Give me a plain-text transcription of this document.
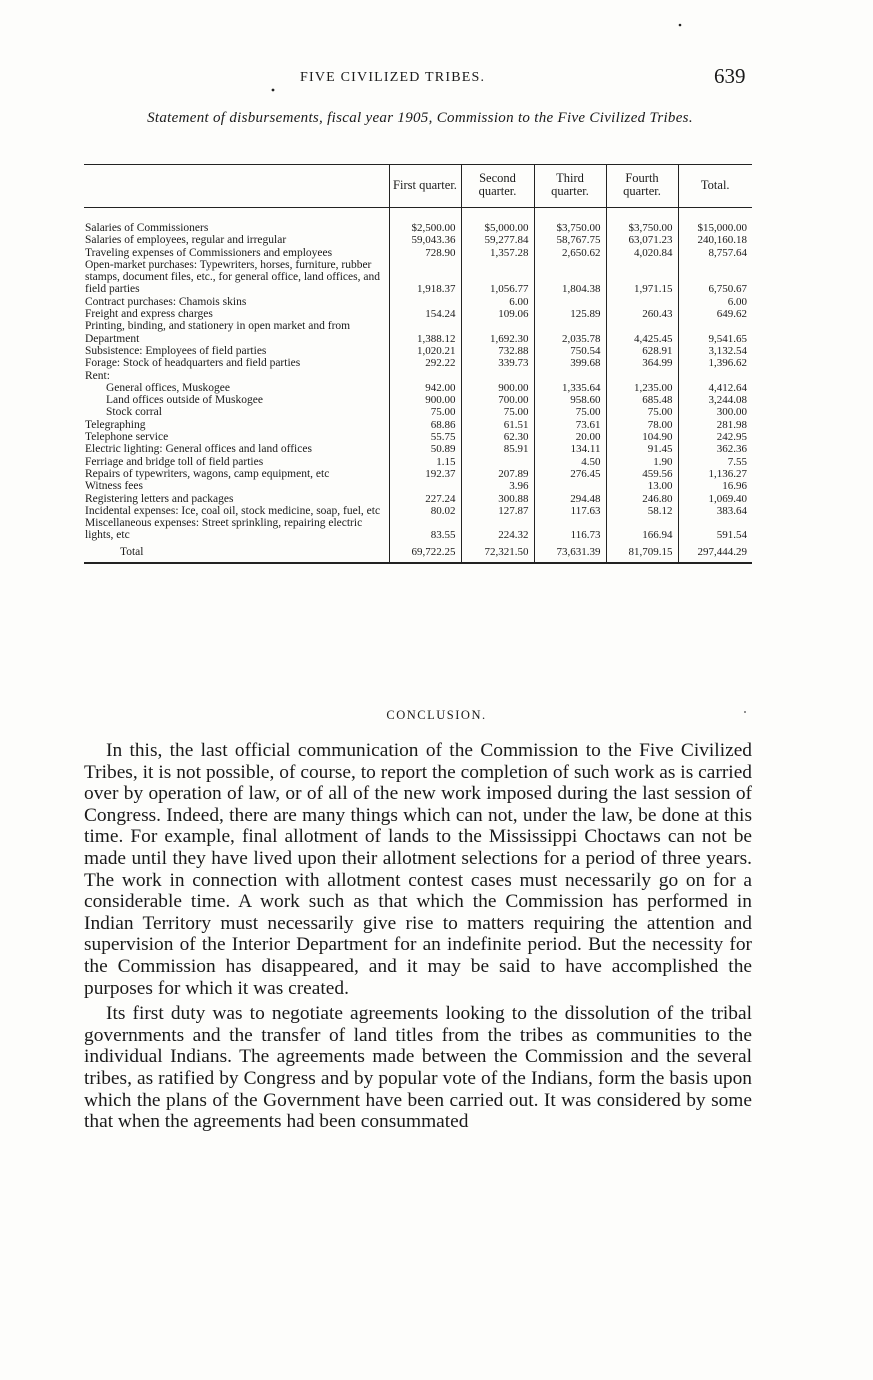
FIVE CIVILIZED TRIBES.	639
Statement of disbursements, fiscal year 1905, Commission to the Five Civilized Tribes.
	First quarter.	Second quarter.	Third quarter.	Fourth quarter.	Total.

Salaries of Commissioners	$2,500.00	$5,000.00	$3,750.00	$3,750.00	$15,000.00
Salaries of employees, regular and irregular	59,043.36	59,277.84	58,767.75	63,071.23	240,160.18
Traveling expenses of Commissioners and employees	728.90	1,357.28	2,650.62	4,020.84	8,757.64
Open-market purchases: Typewriters, horses, furniture, rubber stamps, document files, etc., for general office, land offices, and field parties	1,918.37	1,056.77	1,804.38	1,971.15	6,750.67
Contract purchases: Chamois skins		6.00			6.00
Freight and express charges	154.24	109.06	125.89	260.43	649.62
Printing, binding, and stationery in open market and from Department	1,388.12	1,692.30	2,035.78	4,425.45	9,541.65
Subsistence: Employees of field parties	1,020.21	732.88	750.54	628.91	3,132.54
Forage: Stock of headquarters and field parties	292.22	339.73	399.68	364.99	1,396.62
Rent:					
General offices, Muskogee	942.00	900.00	1,335.64	1,235.00	4,412.64
Land offices outside of Muskogee	900.00	700.00	958.60	685.48	3,244.08
Stock corral	75.00	75.00	75.00	75.00	300.00
Telegraphing	68.86	61.51	73.61	78.00	281.98
Telephone service	55.75	62.30	20.00	104.90	242.95
Electric lighting: General offices and land offices	50.89	85.91	134.11	91.45	362.36
Ferriage and bridge toll of field parties	1.15		4.50	1.90	7.55
Repairs of typewriters, wagons, camp equipment, etc	192.37	207.89	276.45	459.56	1,136.27
Witness fees		3.96		13.00	16.96
Registering letters and packages	227.24	300.88	294.48	246.80	1,069.40
Incidental expenses: Ice, coal oil, stock medicine, soap, fuel, etc	80.02	127.87	117.63	58.12	383.64
Miscellaneous expenses: Street sprinkling, repairing electric lights, etc	83.55	224.32	116.73	166.94	591.54
Total	69,722.25	72,321.50	73,631.39	81,709.15	297,444.29
CONCLUSION.

In this, the last official communication of the Commission to the Five Civilized Tribes, it is not possible, of course, to report the completion of such work as is carried over by operation of law, or of all of the new work imposed during the last session of Congress. Indeed, there are many things which can not, under the law, be done at this time. For example, final allotment of lands to the Mississippi Choctaws can not be made until they have lived upon their allotment selections for a period of three years. The work in connection with allotment contest cases must necessarily go on for a considerable time. A work such as that which the Commission has performed in Indian Territory must necessarily give rise to matters requiring the attention and supervision of the Interior Department for an indefinite period. But the necessity for the Commission has disappeared, and it may be said to have accomplished the purposes for which it was created.

Its first duty was to negotiate agreements looking to the dissolution of the tribal governments and the transfer of land titles from the tribes as communities to the individual Indians. The agreements made between the Commission and the several tribes, as ratified by Congress and by popular vote of the Indians, form the basis upon which the plans of the Government have been carried out. It was considered by some that when the agreements had been consummated
